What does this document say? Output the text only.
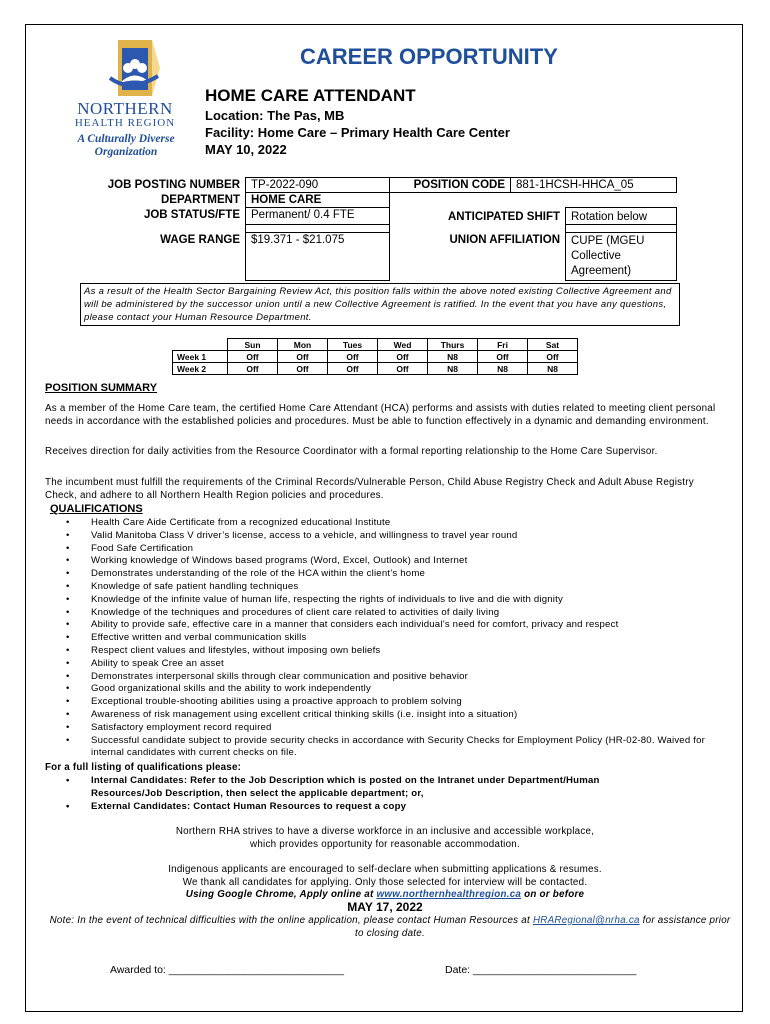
NORTHERN
HEALTH REGION
A Culturally Diverse Organization
CAREER OPPORTUNITY
HOME CARE ATTENDANT
Location: The Pas, MB
Facility: Home Care – Primary Health Care Center
MAY 10, 2022
JOB POSTING NUMBER	TP-2022-090	POSITION CODE	881-1HCSH-HHCA_05	
DEPARTMENT	HOME CARE			
JOB STATUS/FTE	Permanent/ 0.4 FTE	ANTICIPATED SHIFT		Rotation below

WAGE RANGE	$19.371 - $21.075	UNION AFFILIATION		CUPE (MGEU Collective Agreement)
As a result of the Health Sector Bargaining Review Act, this position falls within the above noted existing Collective Agreement and will be administered by the successor union until a new Collective Agreement is ratified. In the event that you have any questions, please contact your Human Resource Department.
	Sun	Mon	Tues	Wed	Thurs	Fri	Sat
Week 1	Off	Off	Off	Off	N8	Off	Off
Week 2	Off	Off	Off	Off	N8	N8	N8
POSITION SUMMARY

As a member of the Home Care team, the certified Home Care Attendant (HCA) performs and assists with duties related to meeting client personal needs in accordance with the established policies and procedures. Must be able to function effectively in a dynamic and demanding environment.

Receives direction for daily activities from the Resource Coordinator with a formal reporting relationship to the Home Care Supervisor.

The incumbent must fulfill the requirements of the Criminal Records/Vulnerable Person, Child Abuse Registry Check and Adult Abuse Registry Check, and adhere to all Northern Health Region policies and procedures.

QUALIFICATIONS
• Health Care Aide Certificate from a recognized educational Institute
• Valid Manitoba Class V driver’s license, access to a vehicle, and willingness to travel year round
• Food Safe Certification
• Working knowledge of Windows based programs (Word, Excel, Outlook) and Internet
• Demonstrates understanding of the role of the HCA within the client’s home
• Knowledge of safe patient handling techniques
• Knowledge of the infinite value of human life, respecting the rights of individuals to live and die with dignity
• Knowledge of the techniques and procedures of client care related to activities of daily living
• Ability to provide safe, effective care in a manner that considers each individual’s need for comfort, privacy and respect
• Effective written and verbal communication skills
• Respect client values and lifestyles, without imposing own beliefs
• Ability to speak Cree an asset
• Demonstrates interpersonal skills through clear communication and positive behavior
• Good organizational skills and the ability to work independently
• Exceptional trouble-shooting abilities using a proactive approach to problem solving
• Awareness of risk management using excellent critical thinking skills (i.e. insight into a situation)
• Satisfactory employment record required
• Successful candidate subject to provide security checks in accordance with Security Checks for Employment Policy (HR-02-80. Waived for internal candidates with current checks on file.
For a full listing of qualifications please:
• Internal Candidates: Refer to the Job Description which is posted on the Intranet under Department/Human Resources/Job Description, then select the applicable department; or,
• External Candidates: Contact Human Resources to request a copy

Northern RHA strives to have a diverse workforce in an inclusive and accessible workplace,

which provides opportunity for reasonable accommodation.

Indigenous applicants are encouraged to self-declare when submitting applications & resumes.

We thank all candidates for applying. Only those selected for interview will be contacted.

Using Google Chrome, Apply online at www.northernhealthregion.ca on or before

MAY 17, 2022
Note: In the event of technical difficulties with the online application, please contact Human Resources at HRARegional@nrha.ca for assistance prior to closing date.
Awarded to: ______________________________	Date: ____________________________
